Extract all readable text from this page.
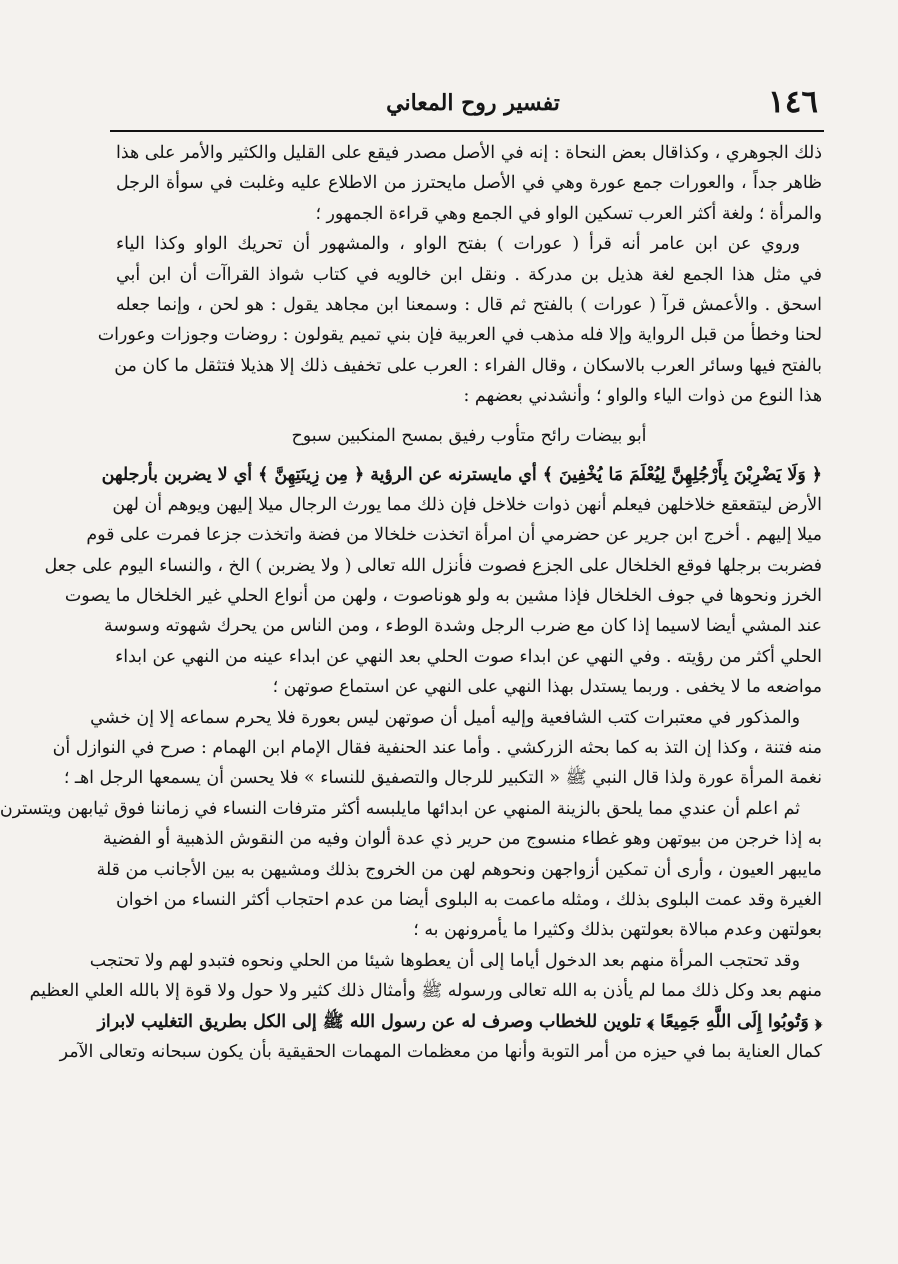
١٤٦
تفسير روح المعاني
ذلك الجوهري ، وكذاقال بعض النحاة : إنه في الأصل مصدر فيقع على القليل والكثير والأمر على هذا
ظاهر جداً ، والعورات جمع عورة وهي في الأصل مايحترز من الاطلاع عليه وغلبت في سوأة الرجل
والمرأة ؛ ولغة أكثر العرب تسكين الواو في الجمع وهي قراءة الجمهور ؛
وروي عن ابن عامر أنه قرأ ( عورات ) بفتح الواو ، والمشهور أن تحريك الواو وكذا الياء
في مثل هذا الجمع لغة هذيل بن مدركة . ونقل ابن خالويه في كتاب شواذ القراآت أن ابن أبي
اسحق . والأعمش قرآ ( عورات ) بالفتح ثم قال : وسمعنا ابن مجاهد يقول : هو لحن ، وإنما جعله
لحنا وخطأ من قبل الرواية وإلا فله مذهب في العربية فإن بني تميم يقولون : روضات وجوزات وعورات
بالفتح فيها وسائر العرب بالاسكان ، وقال الفراء : العرب على تخفيف ذلك إلا هذيلا فتثقل ما كان من
هذا النوع من ذوات الياء والواو ؛ وأنشدني بعضهم :
أبو بيضات رائح متأوب رفيق بمسح المنكبين سبوح
﴿ وَلَا يَضْرِبْنَ بِأَرْجُلِهِنَّ لِيُعْلَمَ مَا يُخْفِينَ ﴾ أي مايسترنه عن الرؤية ﴿ مِن زِينَتِهِنَّ ﴾ أي لا يضربن بأرجلهن
الأرض ليتقعقع خلاخلهن فيعلم أنهن ذوات خلاخل فإن ذلك مما يورث الرجال ميلا إليهن ويوهم أن لهن
ميلا إليهم . أخرج ابن جرير عن حضرمي أن امرأة اتخذت خلخالا من فضة واتخذت جزعا فمرت على قوم
فضربت برجلها فوقع الخلخال على الجزع فصوت فأنزل الله تعالى ( ولا يضربن ) الخ ، والنساء اليوم على جعل
الخرز ونحوها في جوف الخلخال فإذا مشين به ولو هوناصوت ، ولهن من أنواع الحلي غير الخلخال ما يصوت
عند المشي أيضا لاسيما إذا كان مع ضرب الرجل وشدة الوطء ، ومن الناس من يحرك شهوته وسوسة
الحلي أكثر من رؤيته . وفي النهي عن ابداء صوت الحلي بعد النهي عن ابداء عينه من النهي عن ابداء
مواضعه ما لا يخفى . وربما يستدل بهذا النهي على النهي عن استماع صوتهن ؛
والمذكور في معتبرات كتب الشافعية وإليه أميل أن صوتهن ليس بعورة فلا يحرم سماعه إلا إن خشي
منه فتنة ، وكذا إن التذ به كما بحثه الزركشي . وأما عند الحنفية فقال الإمام ابن الهمام : صرح في النوازل أن
نغمة المرأة عورة ولذا قال النبي ﷺ « التكبير للرجال والتصفيق للنساء » فلا يحسن أن يسمعها الرجل اهـ ؛
ثم اعلم أن عندي مما يلحق بالزينة المنهي عن ابدائها مايلبسه أكثر مترفات النساء في زماننا فوق ثيابهن ويتسترن
به إذا خرجن من بيوتهن وهو غطاء منسوج من حرير ذي عدة ألوان وفيه من النقوش الذهبية أو الفضية
مايبهر العيون ، وأرى أن تمكين أزواجهن ونحوهم لهن من الخروج بذلك ومشيهن به بين الأجانب من قلة
الغيرة وقد عمت البلوى بذلك ، ومثله ماعمت به البلوى أيضا من عدم احتجاب أكثر النساء من اخوان
بعولتهن وعدم مبالاة بعولتهن بذلك وكثيرا ما يأمرونهن به ؛
وقد تحتجب المرأة منهم بعد الدخول أياما إلى أن يعطوها شيئا من الحلي ونحوه فتبدو لهم ولا تحتجب
منهم بعد وكل ذلك مما لم يأذن به الله تعالى ورسوله ﷺ وأمثال ذلك كثير ولا حول ولا قوة إلا بالله العلي العظيم
﴿ وَتُوبُوا إِلَى اللَّهِ جَمِيعًا ﴾ تلوين للخطاب وصرف له عن رسول الله ﷺ إلى الكل بطريق التغليب لابراز
كمال العناية بما في حيزه من أمر التوبة وأنها من معظمات المهمات الحقيقية بأن يكون سبحانه وتعالى الآمر
